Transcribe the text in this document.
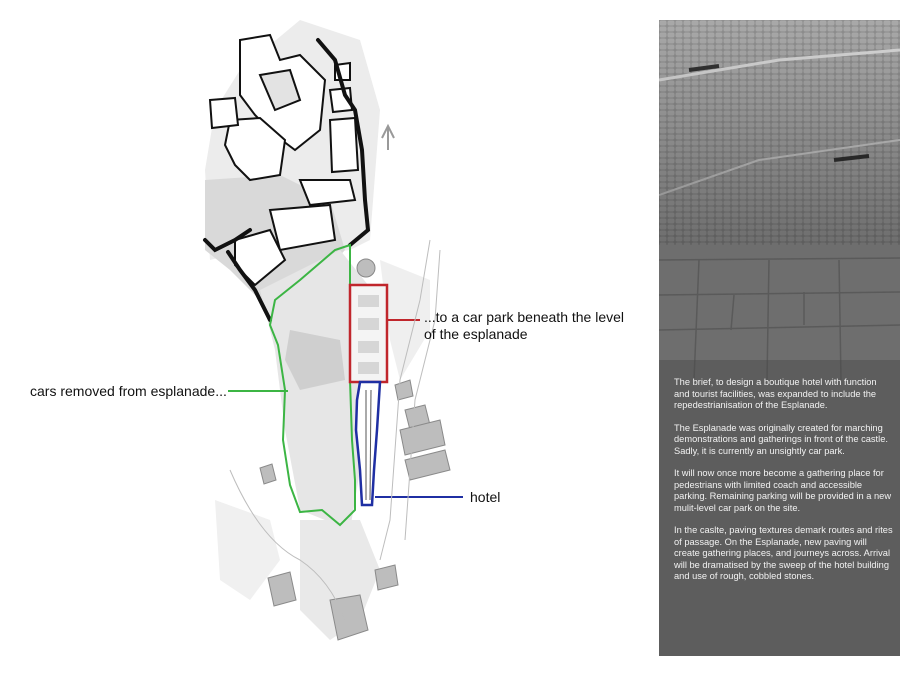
...to a car park beneath the level of the esplanade
cars removed from esplanade...
hotel

The brief, to design a boutique hotel with function and tourist facilities, was expanded to include the repedestrianisation of the Esplanade.

The Esplanade was originally created for marching demonstrations and gatherings in front of the castle. Sadly, it is currently an unsightly car park.

It will now once more become a gathering place for pedestrians with limited coach and accessible parking. Remaining parking will be provided in a new mulit-level car park on the site.

In the caslte, paving textures demark routes and rites of passage. On the Esplanade, new paving will create gathering places, and journeys across. Arrival will be dramatised by the sweep of the hotel building and use of rough, cobbled stones.
